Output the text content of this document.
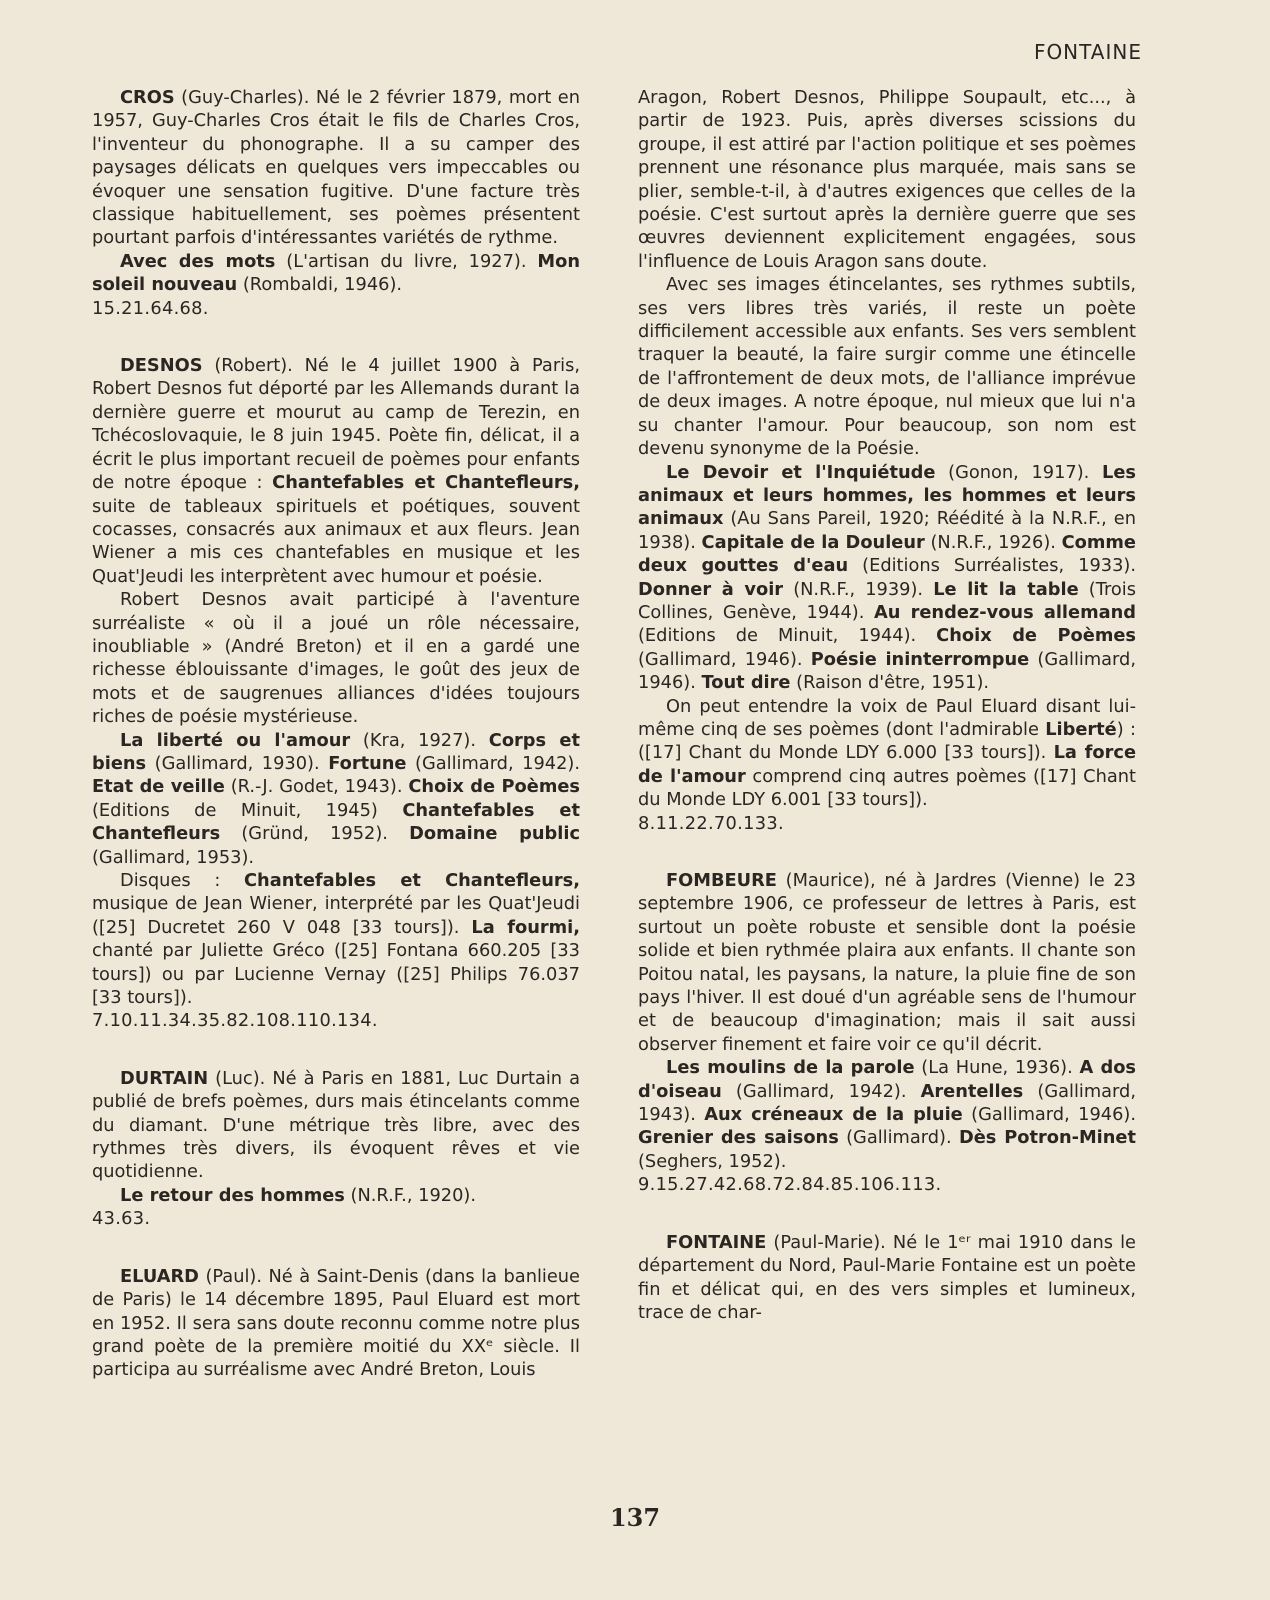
FONTAINE

CROS (Guy-Charles). Né le 2 février 1879, mort en 1957, Guy-Charles Cros était le fils de Charles Cros, l'inventeur du phonographe. Il a su camper des paysages délicats en quelques vers impeccables ou évoquer une sensation fugitive. D'une facture très classique habituellement, ses poèmes présentent pourtant parfois d'intéressantes variétés de rythme.

Avec des mots (L'artisan du livre, 1927). Mon soleil nouveau (Rombaldi, 1946).

15.21.64.68.

DESNOS (Robert). Né le 4 juillet 1900 à Paris, Robert Desnos fut déporté par les Allemands durant la dernière guerre et mourut au camp de Terezin, en Tchécoslovaquie, le 8 juin 1945. Poète fin, délicat, il a écrit le plus important recueil de poèmes pour enfants de notre époque : Chantefables et Chantefleurs, suite de tableaux spirituels et poétiques, souvent cocasses, consacrés aux animaux et aux fleurs. Jean Wiener a mis ces chantefables en musique et les Quat'Jeudi les interprètent avec humour et poésie.

Robert Desnos avait participé à l'aventure surréaliste « où il a joué un rôle nécessaire, inoubliable » (André Breton) et il en a gardé une richesse éblouissante d'images, le goût des jeux de mots et de saugrenues alliances d'idées toujours riches de poésie mystérieuse.

La liberté ou l'amour (Kra, 1927). Corps et biens (Gallimard, 1930). Fortune (Gallimard, 1942). Etat de veille (R.-J. Godet, 1943). Choix de Poèmes (Editions de Minuit, 1945) Chantefables et Chantefleurs (Gründ, 1952). Domaine public (Gallimard, 1953).

Disques : Chantefables et Chantefleurs, musique de Jean Wiener, interprété par les Quat'Jeudi ([25] Ducretet 260 V 048 [33 tours]). La fourmi, chanté par Juliette Gréco ([25] Fontana 660.205 [33 tours]) ou par Lucienne Vernay ([25] Philips 76.037 [33 tours]).

7.10.11.34.35.82.108.110.134.

DURTAIN (Luc). Né à Paris en 1881, Luc Durtain a publié de brefs poèmes, durs mais étincelants comme du diamant. D'une métrique très libre, avec des rythmes très divers, ils évoquent rêves et vie quotidienne.

Le retour des hommes (N.R.F., 1920).

43.63.

ELUARD (Paul). Né à Saint-Denis (dans la banlieue de Paris) le 14 décembre 1895, Paul Eluard est mort en 1952. Il sera sans doute reconnu comme notre plus grand poète de la première moitié du XXᵉ siècle. Il participa au surréalisme avec André Breton, Louis

Aragon, Robert Desnos, Philippe Soupault, etc..., à partir de 1923. Puis, après diverses scissions du groupe, il est attiré par l'action politique et ses poèmes prennent une résonance plus marquée, mais sans se plier, semble-t-il, à d'autres exigences que celles de la poésie. C'est surtout après la dernière guerre que ses œuvres deviennent explicitement engagées, sous l'influence de Louis Aragon sans doute.

Avec ses images étincelantes, ses rythmes subtils, ses vers libres très variés, il reste un poète difficilement accessible aux enfants. Ses vers semblent traquer la beauté, la faire surgir comme une étincelle de l'affrontement de deux mots, de l'alliance imprévue de deux images. A notre époque, nul mieux que lui n'a su chanter l'amour. Pour beaucoup, son nom est devenu synonyme de la Poésie.

Le Devoir et l'Inquiétude (Gonon, 1917). Les animaux et leurs hommes, les hommes et leurs animaux (Au Sans Pareil, 1920; Réédité à la N.R.F., en 1938). Capitale de la Douleur (N.R.F., 1926). Comme deux gouttes d'eau (Editions Surréalistes, 1933). Donner à voir (N.R.F., 1939). Le lit la table (Trois Collines, Genève, 1944). Au rendez-vous allemand (Editions de Minuit, 1944). Choix de Poèmes (Gallimard, 1946). Poésie ininterrompue (Gallimard, 1946). Tout dire (Raison d'être, 1951).

On peut entendre la voix de Paul Eluard disant lui-même cinq de ses poèmes (dont l'admirable Liberté) : ([17] Chant du Monde LDY 6.000 [33 tours]). La force de l'amour comprend cinq autres poèmes ([17] Chant du Monde LDY 6.001 [33 tours]).

8.11.22.70.133.

FOMBEURE (Maurice), né à Jardres (Vienne) le 23 septembre 1906, ce professeur de lettres à Paris, est surtout un poète robuste et sensible dont la poésie solide et bien rythmée plaira aux enfants. Il chante son Poitou natal, les paysans, la nature, la pluie fine de son pays l'hiver. Il est doué d'un agréable sens de l'humour et de beaucoup d'imagination; mais il sait aussi observer finement et faire voir ce qu'il décrit.

Les moulins de la parole (La Hune, 1936). A dos d'oiseau (Gallimard, 1942). Arentelles (Gallimard, 1943). Aux créneaux de la pluie (Gallimard, 1946). Grenier des saisons (Gallimard). Dès Potron-Minet (Seghers, 1952).

9.15.27.42.68.72.84.85.106.113.

FONTAINE (Paul-Marie). Né le 1ᵉʳ mai 1910 dans le département du Nord, Paul-Marie Fontaine est un poète fin et délicat qui, en des vers simples et lumineux, trace de char-

137
